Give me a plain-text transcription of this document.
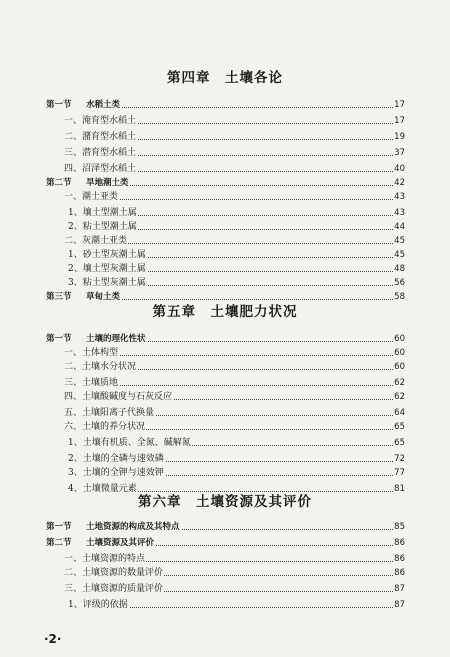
第四章　土壤各论
第一节 水稻土类	17
一、淹育型水稻土	17
二、潴育型水稻土	19
三、潜育型水稻土	37
四、沼泽型水稻土	40
第二节 旱地潮土类	42
一、潮土亚类	43
1、壤土型潮土属	43
2、粘土型潮土属	44
二、灰潮土亚类	45
1、砂土型灰潮土属	45
2、壤土型灰潮土属	48
3、粘土型灰潮土属	56
第三节 草甸土类	58
第五章　土壤肥力状况
第一节 土壤的理化性状	60
一、土体构型	60
二、土壤水分状况	60
三、土壤质地	62
四、土壤酸碱度与石灰反应	62
五、土壤阳离子代换量	64
六、土壤的养分状况	65
1、土壤有机质、全氮、碱解氮	65
2、土壤的全磷与速效磷	72
3、土壤的全钾与速效钾	77
4、土壤微量元素	81
第六章　土壤资源及其评价
第一节 土地资源的构成及其特点	85
第二节 土壤资源及其评价	86
一、土壤资源的特点	86
二、土壤资源的数量评价	86
三、土壤资源的质量评价	87
1、评级的依据	87
·2·
